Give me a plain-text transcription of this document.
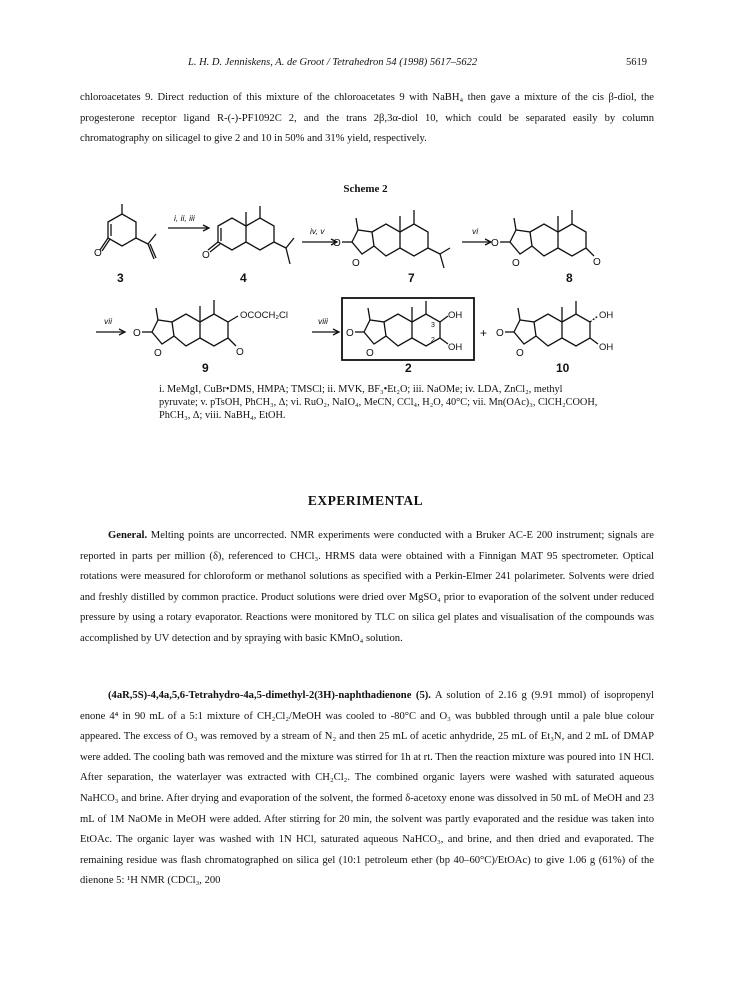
L. H. D. Jenniskens, A. de Groot / Tetrahedron 54 (1998) 5617–5622	5619

chloroacetates 9. Direct reduction of this mixture of the chloroacetates 9 with NaBH₄ then gave a mixture of the cis β-diol, the progesterone receptor ligand R-(-)-PF1092C 2, and the trans 2β,3α-diol 10, which could be separated easily by column chromatography on silicagel to give 2 and 10 in 50% and 31% yield, respectively.

Scheme 2
O
3
i, ii, iii
O
4
iv, v
O
O
7
vi
O
O	O
8
vii
O
O	O
OCOCH₂Cl
9
viii
O
O
OH
OH
3
2
2
+ O
O
OH
OH
10

i. MeMgI, CuBr•DMS, HMPA; TMSCl; ii. MVK, BF₃•Et₂O; iii. NaOMe; iv. LDA, ZnCl₂, methyl pyruvate; v. pTsOH, PhCH₃, Δ; vi. RuO₂, NaIO₄, MeCN, CCl₄, H₂O, 40°C; vii. Mn(OAc)₃, ClCH₂COOH, PhCH₃, Δ; viii. NaBH₄, EtOH.

EXPERIMENTAL

General. Melting points are uncorrected. NMR experiments were conducted with a Bruker AC-E 200 instrument; signals are reported in parts per million (δ), referenced to CHCl₃. HRMS data were obtained with a Finnigan MAT 95 spectrometer. Optical rotations were measured for chloroform or methanol solutions as specified with a Perkin-Elmer 241 polarimeter. Solvents were dried and freshly distilled by common practice. Product solutions were dried over MgSO₄ prior to evaporation of the solvent under reduced pressure by using a rotary evaporator. Reactions were monitored by TLC on silica gel plates and visualisation of the compounds was accomplished by UV detection and by spraying with basic KMnO₄ solution.

(4aR,5S)-4,4a,5,6-Tetrahydro-4a,5-dimethyl-2(3H)-naphthadienone (5). A solution of 2.16 g (9.91 mmol) of isopropenyl enone 4⁴ in 90 mL of a 5:1 mixture of CH₂Cl₂/MeOH was cooled to -80°C and O₃ was bubbled through until a pale blue colour appeared. The excess of O₃ was removed by a stream of N₂ and then 25 mL of acetic anhydride, 25 mL of Et₃N, and 2 mL of DMAP were added. The cooling bath was removed and the mixture was stirred for 1h at rt. Then the reaction mixture was poured into 1N HCl. After separation, the waterlayer was extracted with CH₂Cl₂. The combined organic layers were washed with saturated aqueous NaHCO₃ and brine. After drying and evaporation of the solvent, the formed δ-acetoxy enone was dissolved in 50 mL of MeOH and 23 mL of 1M NaOMe in MeOH were added. After stirring for 20 min, the solvent was partly evaporated and the residue was taken into EtOAc. The organic layer was washed with 1N HCl, saturated aqueous NaHCO₃, and brine, and then dried and evaporated. The remaining residue was flash chromatographed on silica gel (10:1 petroleum ether (bp 40–60°C)/EtOAc) to give 1.06 g (61%) of the dienone 5: ¹H NMR (CDCl₃, 200
